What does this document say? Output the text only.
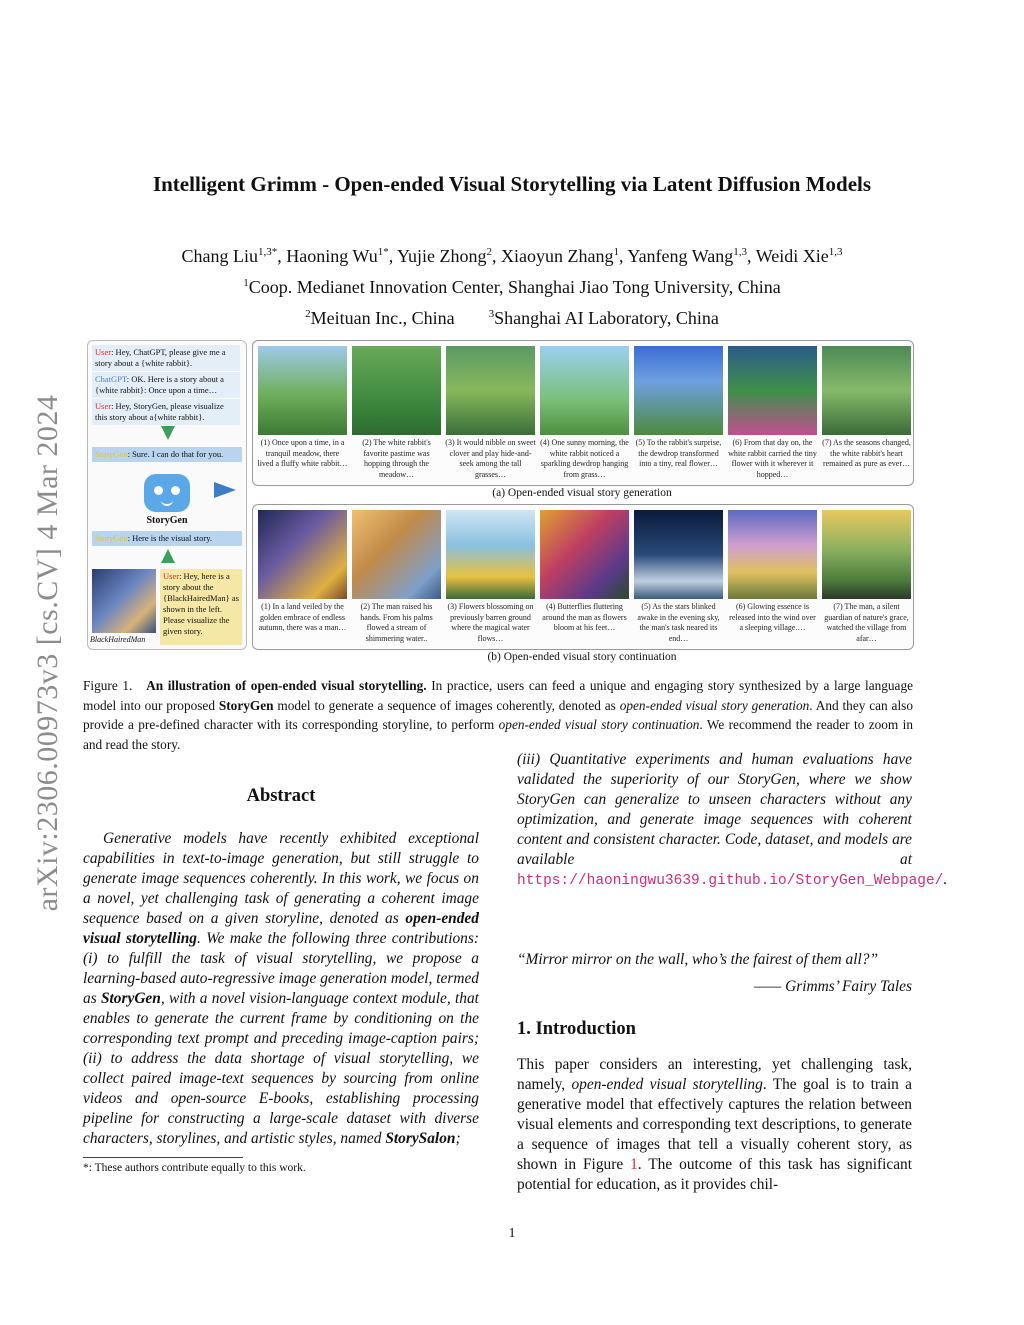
arXiv:2306.00973v3 [cs.CV] 4 Mar 2024
Intelligent Grimm - Open-ended Visual Storytelling via Latent Diffusion Models
Chang Liu$^{1,3*}$, Haoning $Wu^{1*}$, Yujie Zhong$^2$, Xiaoyun Zhang$^1$, Yanfeng Wang$^{1,3}$, Weidi Xie$^{1,3}$
$^1$Coop. Medianet Innovation Center, Shanghai Jiao Tong University, China
$^2$Meituan Inc., China	$^3$Shanghai AI Laboratory, China
User: Hey, ChatGPT, please give me a story about a {white rabbit}.
ChatGPT: OK. Here is a story about a {white rabbit}: Once upon a time…
User: Hey, StoryGen, please visualize this story about a{white rabbit}.
StoryGen: Sure. I can do that for you.
StoryGen
StoryGen: Here is the visual story.
BlackHairedMan
User: Hey, here is a story about the {BlackHairedMan} as shown in the left. Please visualize the given story.
(1) Once upon a time, in a tranquil meadow, there lived a fluffy white rabbit…
(2) The white rabbit's favorite pastime was hopping through the meadow…
(3) It would nibble on sweet clover and play hide-and-seek among the tall grasses…
(4) One sunny morning, the white rabbit noticed a sparkling dewdrop hanging from grass…
(5) To the rabbit's surprise, the dewdrop transformed into a tiny, real flower…
(6) From that day on, the white rabbit carried the tiny flower with it wherever it hopped…
(7) As the seasons changed, the white rabbit's heart remained as pure as ever…
(a) Open-ended visual story generation
(1) In a land veiled by the golden embrace of endless autumn, there was a man…
(2) The man raised his hands. From his palms flowed a stream of shimmering water..
(3) Flowers blossoming on previously barren ground where the magical water flows…
(4) Butterflies fluttering around the man as flowers bloom at his feet…
(5) As the stars blinked awake in the evening sky, the man's task neared its end…
(6) Glowing essence is released into the wind over a sleeping village.…
(7) The man, a silent guardian of nature's grace, watched the village from afar…
(b) Open-ended visual story continuation
Figure 1. An illustration of open-ended visual storytelling. In practice, users can feed a unique and engaging story synthesized by a large language model into our proposed StoryGen model to generate a sequence of images coherently, denoted as open-ended visual story generation. And they can also provide a pre-defined character with its corresponding storyline, to perform open-ended visual story continuation. We recommend the reader to zoom in and read the story.
Abstract
Generative models have recently exhibited exceptional capabilities in text-to-image generation, but still struggle to generate image sequences coherently. In this work, we focus on a novel, yet challenging task of generating a coherent image sequence based on a given storyline, denoted as open-ended visual storytelling. We make the following three contributions: (i) to fulfill the task of visual storytelling, we propose a learning-based auto-regressive image generation model, termed as StoryGen, with a novel vision-language context module, that enables to generate the current frame by conditioning on the corresponding text prompt and preceding image-caption pairs; (ii) to address the data shortage of visual storytelling, we collect paired image-text sequences by sourcing from online videos and open-source E-books, establishing processing pipeline for constructing a large-scale dataset with diverse characters, storylines, and artistic styles, named StorySalon;
*: These authors contribute equally to this work.
(iii) Quantitative experiments and human evaluations have validated the superiority of our StoryGen, where we show StoryGen can generalize to unseen characters without any optimization, and generate image sequences with coherent content and consistent character. Code, dataset, and models are available	at https://haoningwu3639.github.io/StoryGen_Webpage/.
“Mirror mirror on the wall, who’s the fairest of them all?”
—— Grimms’ Fairy Tales
1. Introduction
This paper considers an interesting, yet challenging task, namely, open-ended visual storytelling. The goal is to train a generative model that effectively captures the relation between visual elements and corresponding text descriptions, to generate a sequence of images that tell a visually coherent story, as shown in Figure 1. The outcome of this task has significant potential for education, as it provides chil-
1
